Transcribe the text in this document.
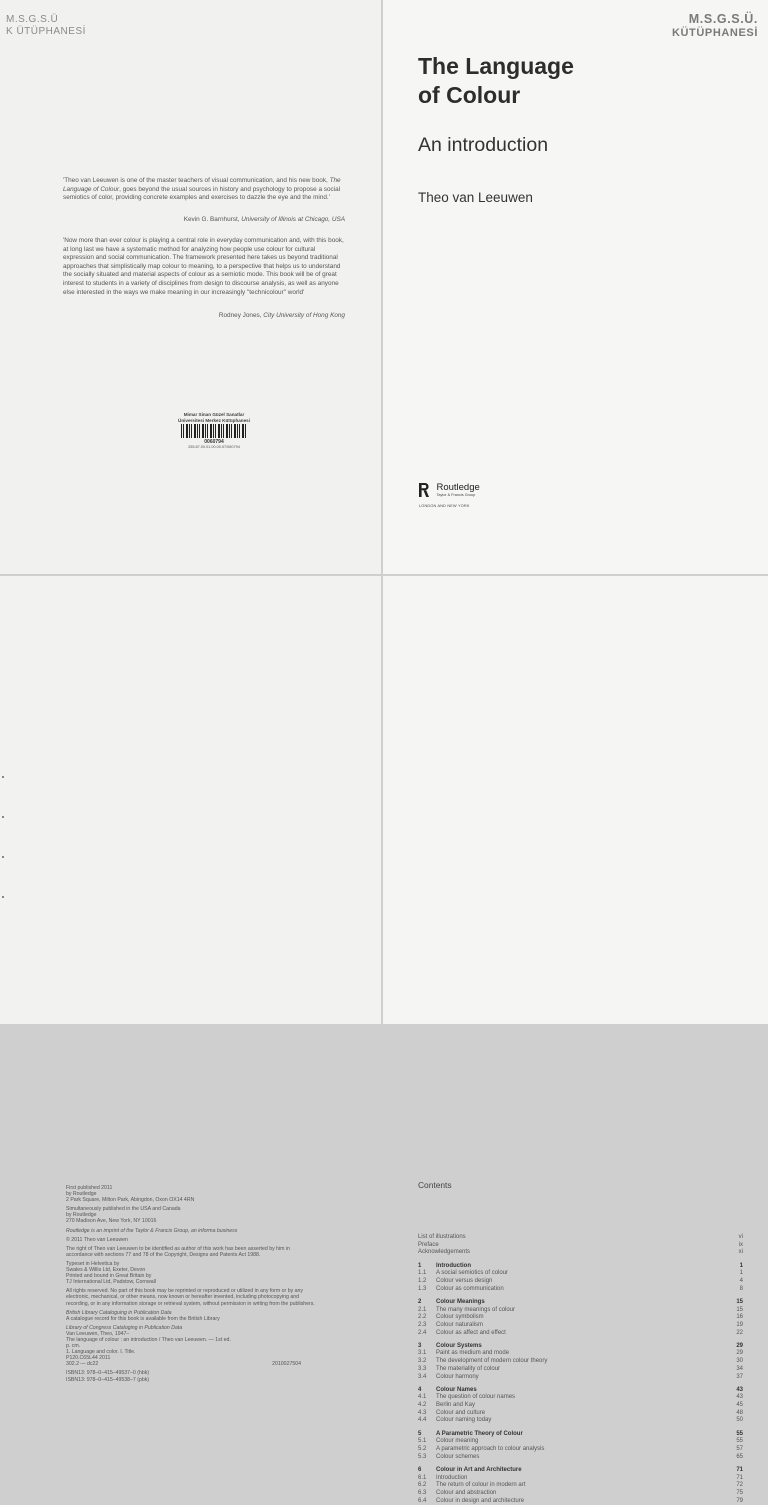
M.S.G.S.Ü
K ÜTÜPHANESİ
'Theo van Leeuwen is one of the master teachers of visual communication, and his new book, The Language of Colour, goes beyond the usual sources in history and psychology to propose a social semiotics of color, providing concrete examples and exercises to dazzle the eye and the mind.'
Kevin G. Barnhurst, University of Illinois at Chicago, USA
'Now more than ever colour is playing a central role in everyday communication and, with this book, at long last we have a systematic method for analyzing how people use colour for cultural expression and social communication. The framework presented here takes us beyond traditional approaches that simplistically map colour to meaning, to a perspective that helps us to understand the socially situated and material aspects of colour as a semiotic mode. This book will be of great interest to students in a variety of disciplines from design to discourse analysis, as well as anyone else interested in the ways we make meaning in our increasingly "technicolour" world'
Rodney Jones, City University of Hong Kong
Mimar Sinan Güzel Sanatlar
Üniversitesi Merkez Kütüphanesi
0060794
255.87.00.01.00.00.57/060794
M.S.G.S.Ü.
KÜTÜPHANESİ
The Language
of Colour
An introduction
Theo van Leeuwen
Routledge
Taylor & Francis Group
LONDON AND NEW YORK

First published 2011
by Routledge
2 Park Square, Milton Park, Abingdon, Oxon OX14 4RN

Simultaneously published in the USA and Canada
by Routledge
270 Madison Ave, New York, NY 10016

Routledge is an imprint of the Taylor & Francis Group, an informa business

© 2011 Theo van Leeuwen

The right of Theo van Leeuwen to be identified as author of this work has been asserted by him in accordance with sections 77 and 78 of the Copyright, Designs and Patents Act 1988.

Typeset in Helvetica by
Swales & Willis Ltd, Exeter, Devon
Printed and bound in Great Britain by
TJ International Ltd, Padstow, Cornwall

All rights reserved. No part of this book may be reprinted or reproduced or utilized in any form or by any electronic, mechanical, or other means, now known or hereafter invented, including photocopying and recording, or in any information storage or retrieval system, without permission in writing from the publishers.

British Library Cataloguing in Publication Data
A catalogue record for this book is available from the British Library

Library of Congress Cataloging in Publication Data
Van Leeuwen, Theo, 1947–
The language of colour : an introduction / Theo van Leeuwen. — 1st ed.
p. cm.
1. Language and color. I. Title.
P120.C65L44 2011
302.2 — dc22	2010027504

ISBN13: 978–0–415–49537–0 (hbk)
ISBN13: 978–0–415–49538–7 (pbk)

Contents
List of illustrations	vi
Preface	ix
Acknowledgements	xi
1	Introduction	1
1.1	A social semiotics of colour	1
1.2	Colour versus design	4
1.3	Colour as communication	8
2	Colour Meanings	15
2.1	The many meanings of colour	15
2.2	Colour symbolism	16
2.3	Colour naturalism	19
2.4	Colour as affect and effect	22
3	Colour Systems	29
3.1	Paint as medium and mode	29
3.2	The development of modern colour theory	30
3.3	The materiality of colour	34
3.4	Colour harmony	37
4	Colour Names	43
4.1	The question of colour names	43
4.2	Berlin and Kay	45
4.3	Colour and culture	48
4.4	Colour naming today	50
5	A Parametric Theory of Colour	55
5.1	Colour meaning	55
5.2	A parametric approach to colour analysis	57
5.3	Colour schemes	65
6	Colour in Art and Architecture	71
6.1	Introduction	71
6.2	The return of colour in modern art	72
6.3	Colour and abstraction	75
6.4	Colour in design and architecture	79
